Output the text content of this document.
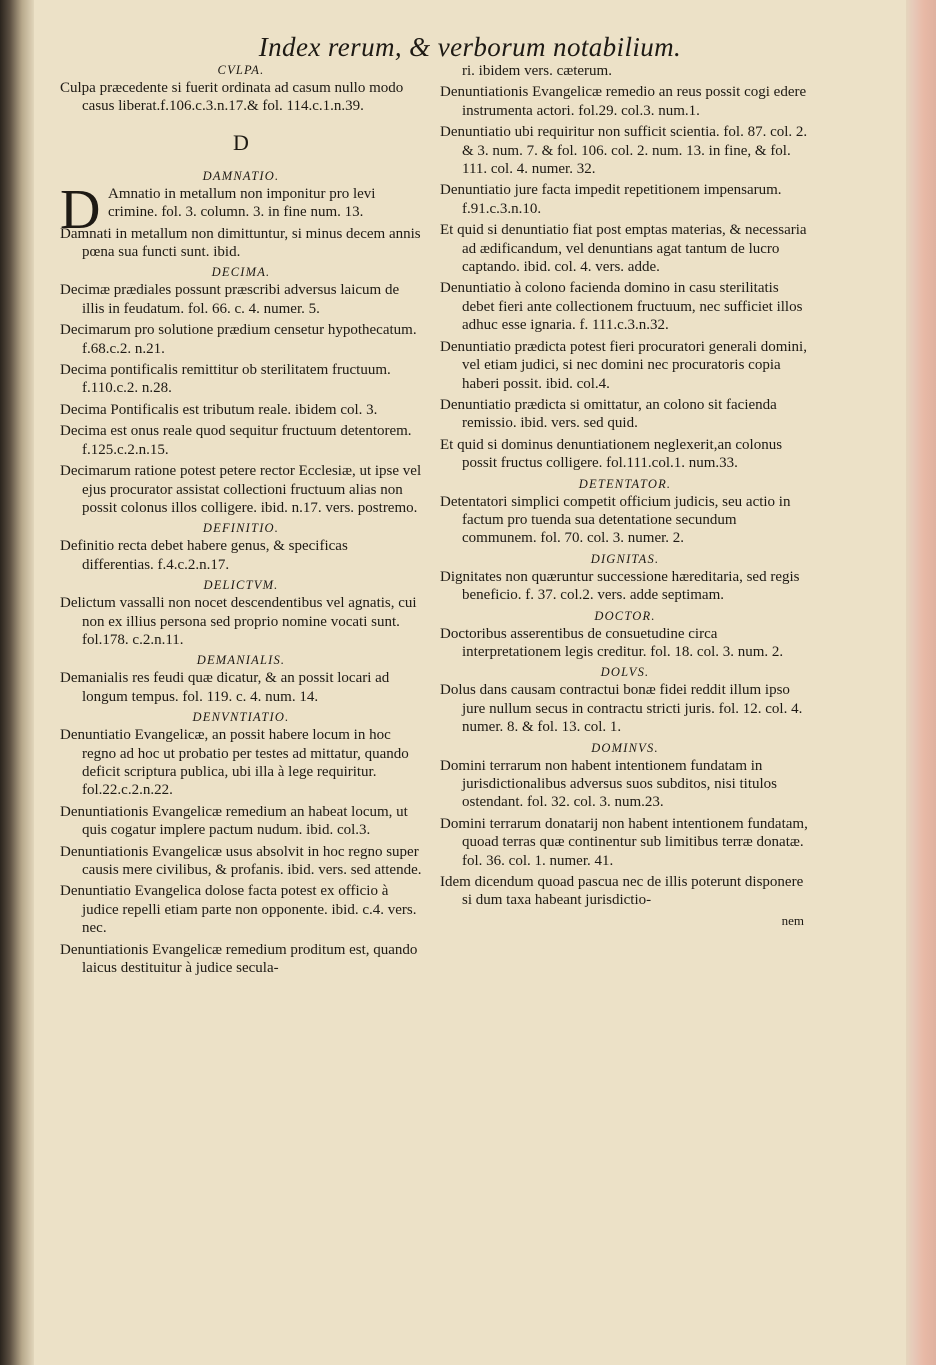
Index rerum, & verborum notabilium.

CVLPA.

Culpa præcedente si fuerit ordinata ad casum nullo modo casus liberat.f.106.c.3.n.17.& fol. 114.c.1.n.39.

D

DAMNATIO.

D Amnatio in metallum non imponitur pro levi crimine. fol. 3. column. 3. in fine num. 13.

Damnati in metallum non dimittuntur, si minus decem annis pœna sua functi sunt. ibid.

DECIMA.

Decimæ prædiales possunt præscribi adversus laicum de illis in feudatum. fol. 66. c. 4. numer. 5.

Decimarum pro solutione prædium censetur hypothecatum. f.68.c.2. n.21.

Decima pontificalis remittitur ob sterilitatem fructuum. f.110.c.2. n.28.

Decima Pontificalis est tributum reale. ibidem col. 3.

Decima est onus reale quod sequitur fructuum detentorem. f.125.c.2.n.15.

Decimarum ratione potest petere rector Ecclesiæ, ut ipse vel ejus procurator assistat collectioni fructuum alias non possit colonus illos colligere. ibid. n.17. vers. postremo.

DEFINITIO.

Definitio recta debet habere genus, & specificas differentias. f.4.c.2.n.17.

DELICTVM.

Delictum vassalli non nocet descendentibus vel agnatis, cui non ex illius persona sed proprio nomine vocati sunt. fol.178. c.2.n.11.

DEMANIALIS.

Demanialis res feudi quæ dicatur, & an possit locari ad longum tempus. fol. 119. c. 4. num. 14.

DENVNTIATIO.

Denuntiatio Evangelicæ, an possit habere locum in hoc regno ad hoc ut probatio per testes ad mittatur, quando deficit scriptura publica, ubi illa à lege requiritur. fol.22.c.2.n.22.

Denuntiationis Evangelicæ remedium an habeat locum, ut quis cogatur implere pactum nudum. ibid. col.3.

Denuntiationis Evangelicæ usus absolvit in hoc regno super causis mere civilibus, & profanis. ibid. vers. sed attende.

Denuntiatio Evangelica dolose facta potest ex officio à judice repelli etiam parte non opponente. ibid. c.4. vers. nec.

Denuntiationis Evangelicæ remedium proditum est, quando laicus destituitur à judice secula-

ri. ibidem vers. cæterum.

Denuntiationis Evangelicæ remedio an reus possit cogi edere instrumenta actori. fol.29. col.3. num.1.

Denuntiatio ubi requiritur non sufficit scientia. fol. 87. col. 2. & 3. num. 7. & fol. 106. col. 2. num. 13. in fine, & fol. 111. col. 4. numer. 32.

Denuntiatio jure facta impedit repetitionem impensarum. f.91.c.3.n.10.

Et quid si denuntiatio fiat post emptas materias, & necessaria ad ædificandum, vel denuntians agat tantum de lucro captando. ibid. col. 4. vers. adde.

Denuntiatio à colono facienda domino in casu sterilitatis debet fieri ante collectionem fructuum, nec sufficiet illos adhuc esse ignaria. f. 111.c.3.n.32.

Denuntiatio prædicta potest fieri procuratori generali domini, vel etiam judici, si nec domini nec procuratoris copia haberi possit. ibid. col.4.

Denuntiatio prædicta si omittatur, an colono sit facienda remissio. ibid. vers. sed quid.

Et quid si dominus denuntiationem neglexerit,an colonus possit fructus colligere. fol.111.col.1. num.33.

DETENTATOR.

Detentatori simplici competit officium judicis, seu actio in factum pro tuenda sua detentatione secundum communem. fol. 70. col. 3. numer. 2.

DIGNITAS.

Dignitates non quæruntur successione hæreditaria, sed regis beneficio. f. 37. col.2. vers. adde septimam.

DOCTOR.

Doctoribus asserentibus de consuetudine circa interpretationem legis creditur. fol. 18. col. 3. num. 2.

DOLVS.

Dolus dans causam contractui bonæ fidei reddit illum ipso jure nullum secus in contractu stricti juris. fol. 12. col. 4. numer. 8. & fol. 13. col. 1.

DOMINVS.

Domini terrarum non habent intentionem fundatam in jurisdictionalibus adversus suos subditos, nisi titulos ostendant. fol. 32. col. 3. num.23.

Domini terrarum donatarij non habent intentionem fundatam, quoad terras quæ continentur sub limitibus terræ donatæ. fol. 36. col. 1. numer. 41.

Idem dicendum quoad pascua nec de illis poterunt disponere si dum taxa habeant jurisdictio-

nem
